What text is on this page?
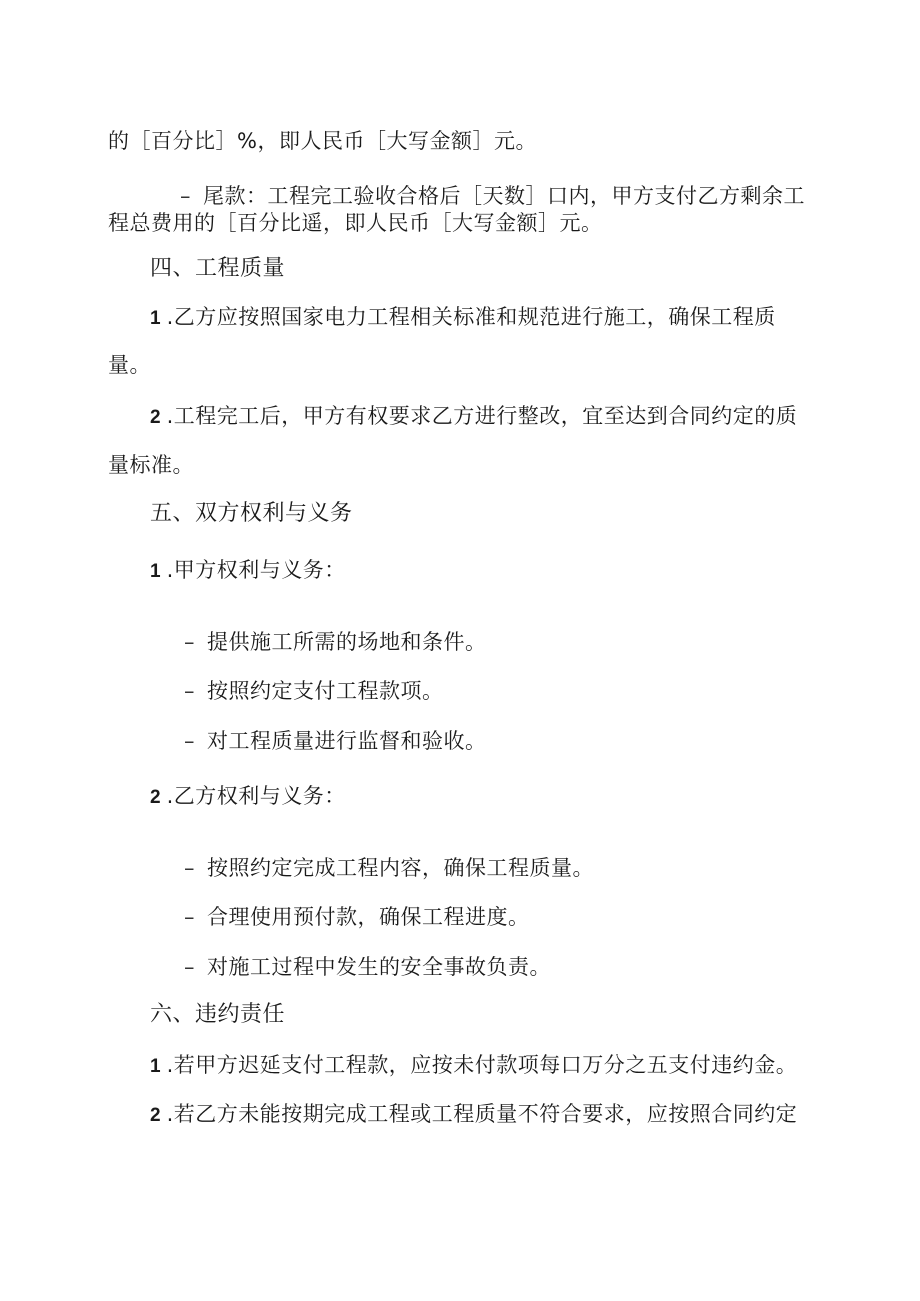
的［百分比］%，即人民币［大写金额］元。
– 尾款：工程完工验收合格后［天数］口内，甲方支付乙方剩余工
程总费用的［百分比遥，即人民币［大写金额］元。
四、工程质量
1 .乙方应按照国家电力工程相关标准和规范进行施工，确保工程质
量。
2 .工程完工后，甲方有权要求乙方进行整改，宜至达到合同约定的质
量标准。
五、双方权利与义务
1 .甲方权利与义务：
– 提供施工所需的场地和条件。
– 按照约定支付工程款项。
– 对工程质量进行监督和验收。
2 .乙方权利与义务：
– 按照约定完成工程内容，确保工程质量。
– 合理使用预付款，确保工程进度。
– 对施工过程中发生的安全事故负责。
六、违约责任
1 .若甲方迟延支付工程款，应按未付款项每口万分之五支付违约金。
2 .若乙方未能按期完成工程或工程质量不符合要求，应按照合同约定
